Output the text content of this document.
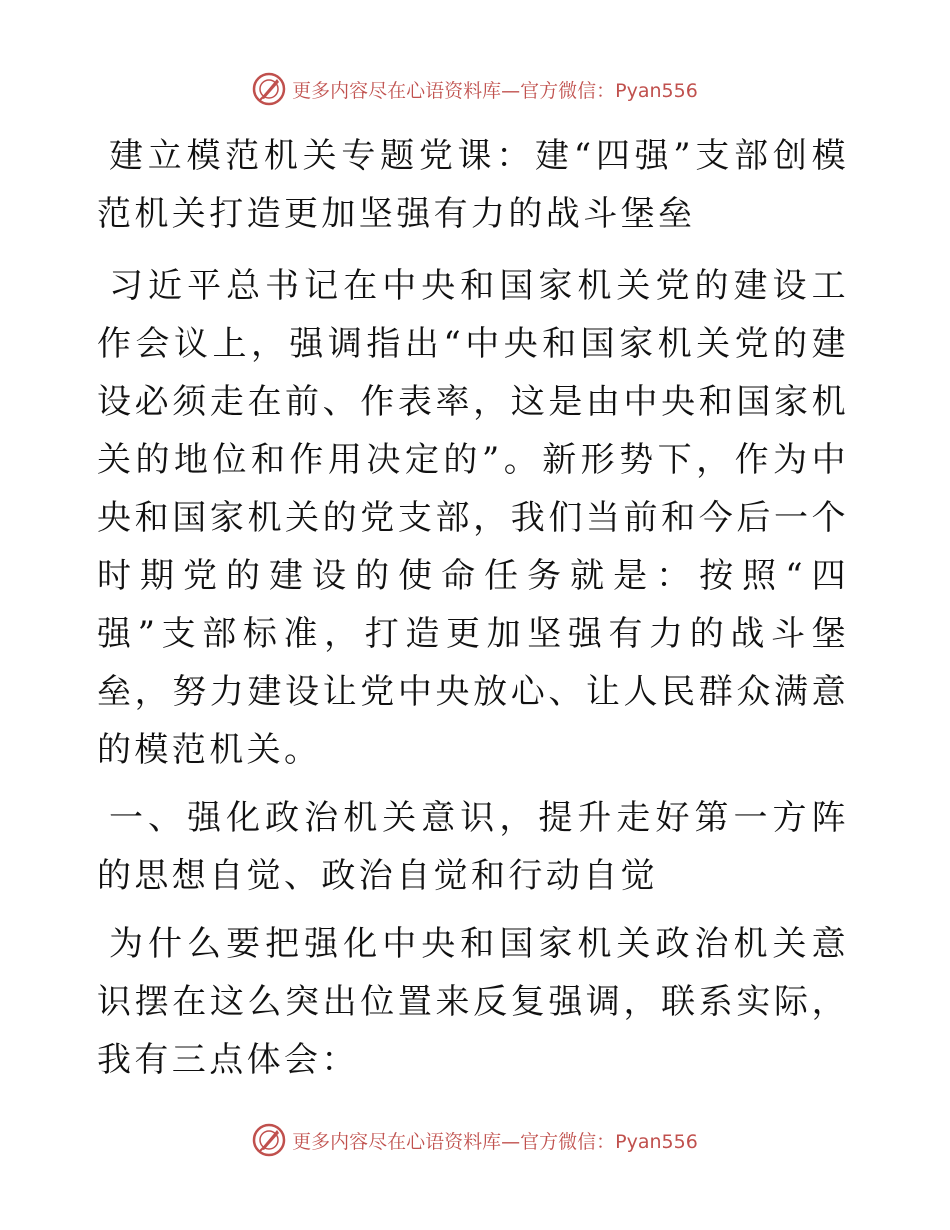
更多内容尽在心语资料库—官方微信：Pyan556

建立模范机关专题党课：建“四强”支部创模范机关打造更加坚强有力的战斗堡垒

习近平总书记在中央和国家机关党的建设工作会议上，强调指出“中央和国家机关党的建设必须走在前、作表率，这是由中央和国家机关的地位和作用决定的”。新形势下，作为中央和国家机关的党支部，我们当前和今后一个时期党的建设的使命任务就是：按照“四强”支部标准，打造更加坚强有力的战斗堡垒，努力建设让党中央放心、让人民群众满意的模范机关。

一、强化政治机关意识，提升走好第一方阵的思想自觉、政治自觉和行动自觉

为什么要把强化中央和国家机关政治机关意识摆在这么突出位置来反复强调，联系实际，我有三点体会：

更多内容尽在心语资料库—官方微信：Pyan556
